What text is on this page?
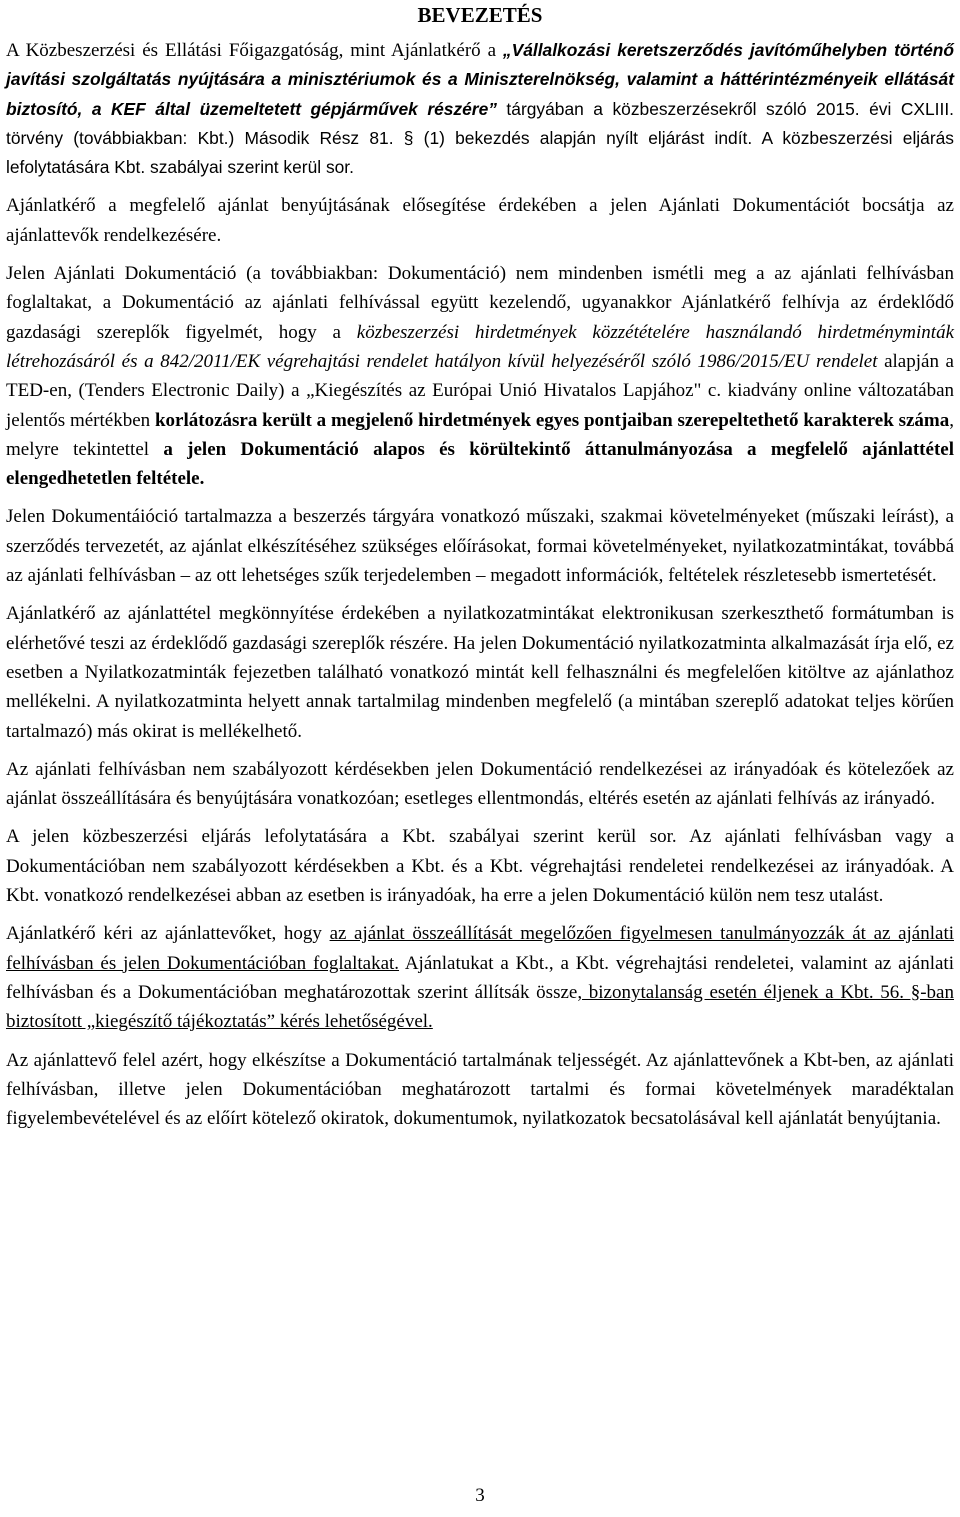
BEVEZETÉS

A Közbeszerzési és Ellátási Főigazgatóság, mint Ajánlatkérő a „Vállalkozási keretszerződés javítóműhelyben történő javítási szolgáltatás nyújtására a minisztériumok és a Miniszterelnökség, valamint a háttérintézményeik ellátását biztosító, a KEF által üzemeltetett gépjárművek részére” tárgyában a közbeszerzésekről szóló 2015. évi CXLIII. törvény (továbbiakban: Kbt.) Második Rész 81. § (1) bekezdés alapján nyílt eljárást indít. A közbeszerzési eljárás lefolytatására Kbt. szabályai szerint kerül sor.

Ajánlatkérő a megfelelő ajánlat benyújtásának elősegítése érdekében a jelen Ajánlati Dokumentációt bocsátja az ajánlattevők rendelkezésére.

Jelen Ajánlati Dokumentáció (a továbbiakban: Dokumentáció) nem mindenben ismétli meg a az ajánlati felhívásban foglaltakat, a Dokumentáció az ajánlati felhívással együtt kezelendő, ugyanakkor Ajánlatkérő felhívja az érdeklődő gazdasági szereplők figyelmét, hogy a közbeszerzési hirdetmények közzétételére használandó hirdetményminták létrehozásáról és a 842/2011/EK végrehajtási rendelet hatályon kívül helyezéséről szóló 1986/2015/EU rendelet alapján a TED-en, (Tenders Electronic Daily) a „Kiegészítés az Európai Unió Hivatalos Lapjához" c. kiadvány online változatában jelentős mértékben korlátozásra került a megjelenő hirdetmények egyes pontjaiban szerepeltethető karakterek száma, melyre tekintettel a jelen Dokumentáció alapos és körültekintő áttanulmányozása a megfelelő ajánlattétel elengedhetetlen feltétele.

Jelen Dokumentáióció tartalmazza a beszerzés tárgyára vonatkozó műszaki, szakmai követelményeket (műszaki leírást), a szerződés tervezetét, az ajánlat elkészítéséhez szükséges előírásokat, formai követelményeket, nyilatkozatmintákat, továbbá az ajánlati felhívásban – az ott lehetséges szűk terjedelemben – megadott információk, feltételek részletesebb ismertetését.

Ajánlatkérő az ajánlattétel megkönnyítése érdekében a nyilatkozatmintákat elektronikusan szerkeszthető formátumban is elérhetővé teszi az érdeklődő gazdasági szereplők részére. Ha jelen Dokumentáció nyilatkozatminta alkalmazását írja elő, ez esetben a Nyilatkozatminták fejezetben található vonatkozó mintát kell felhasználni és megfelelően kitöltve az ajánlathoz mellékelni. A nyilatkozatminta helyett annak tartalmilag mindenben megfelelő (a mintában szereplő adatokat teljes körűen tartalmazó) más okirat is mellékelhető.

Az ajánlati felhívásban nem szabályozott kérdésekben jelen Dokumentáció rendelkezései az irányadóak és kötelezőek az ajánlat összeállítására és benyújtására vonatkozóan; esetleges ellentmondás, eltérés esetén az ajánlati felhívás az irányadó.

A jelen közbeszerzési eljárás lefolytatására a Kbt. szabályai szerint kerül sor. Az ajánlati felhívásban vagy a Dokumentációban nem szabályozott kérdésekben a Kbt. és a Kbt. végrehajtási rendeletei rendelkezései az irányadóak. A Kbt. vonatkozó rendelkezései abban az esetben is irányadóak, ha erre a jelen Dokumentáció külön nem tesz utalást.

Ajánlatkérő kéri az ajánlattevőket, hogy az ajánlat összeállítását megelőzően figyelmesen tanulmányozzák át az ajánlati felhívásban és jelen Dokumentációban foglaltakat. Ajánlatukat a Kbt., a Kbt. végrehajtási rendeletei, valamint az ajánlati felhívásban és a Dokumentációban meghatározottak szerint állítsák össze, bizonytalanság esetén éljenek a Kbt. 56. §-ban biztosított „kiegészítő tájékoztatás” kérés lehetőségével.

Az ajánlattevő felel azért, hogy elkészítse a Dokumentáció tartalmának teljességét. Az ajánlattevőnek a Kbt-ben, az ajánlati felhívásban, illetve jelen Dokumentációban meghatározott tartalmi és formai követelmények maradéktalan figyelembevételével és az előírt kötelező okiratok, dokumentumok, nyilatkozatok becsatolásával kell ajánlatát benyújtania.

3
